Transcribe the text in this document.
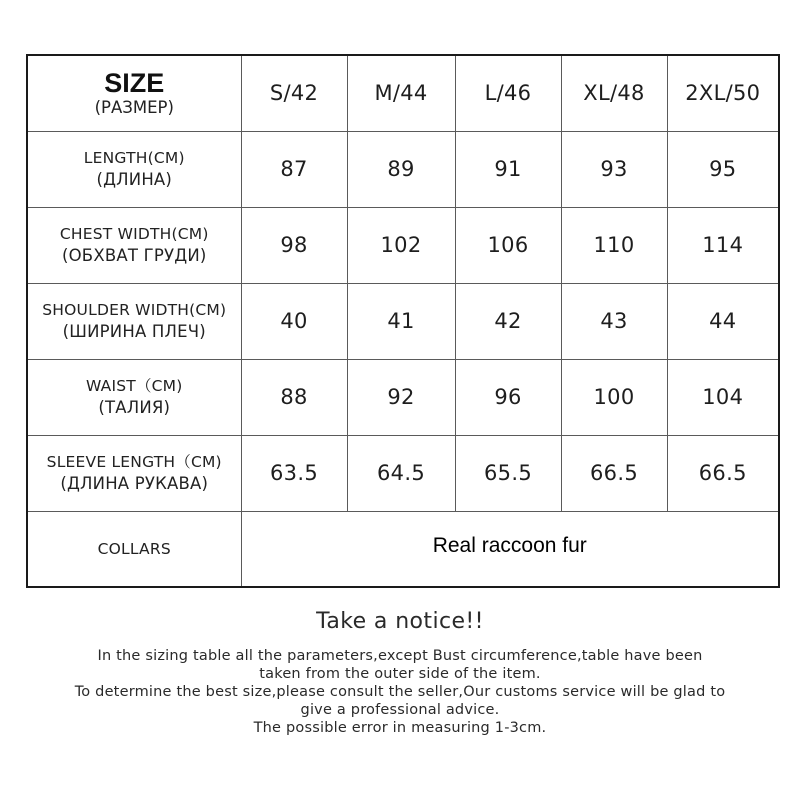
SIZE
(РАЗМЕР)	S/42	M/44	L/46	XL/48	2XL/50

LENGTH(CM)
(ДЛИНА)	87	89	91	93	95

CHEST WIDTH(CM)
(ОБХВАТ ГРУДИ)	98	102	106	110	114

SHOULDER WIDTH(CM)
(ШИРИНА ПЛЕЧ)	40	41	42	43	44

WAIST（CM)
(ТАЛИЯ)	88	92	96	100	104

SLEEVE LENGTH（CM)
(ДЛИНА РУКАВА)	63.5	64.5	65.5	66.5	66.5
COLLARS	Real raccoon fur				
Take a notice!!
In the sizing table all the parameters,except Bust circumference,table have been
taken from the outer side of the item.
To determine the best size,please consult the seller,Our customs service will be glad to
give a professional advice.
The possible error in measuring 1-3cm.
